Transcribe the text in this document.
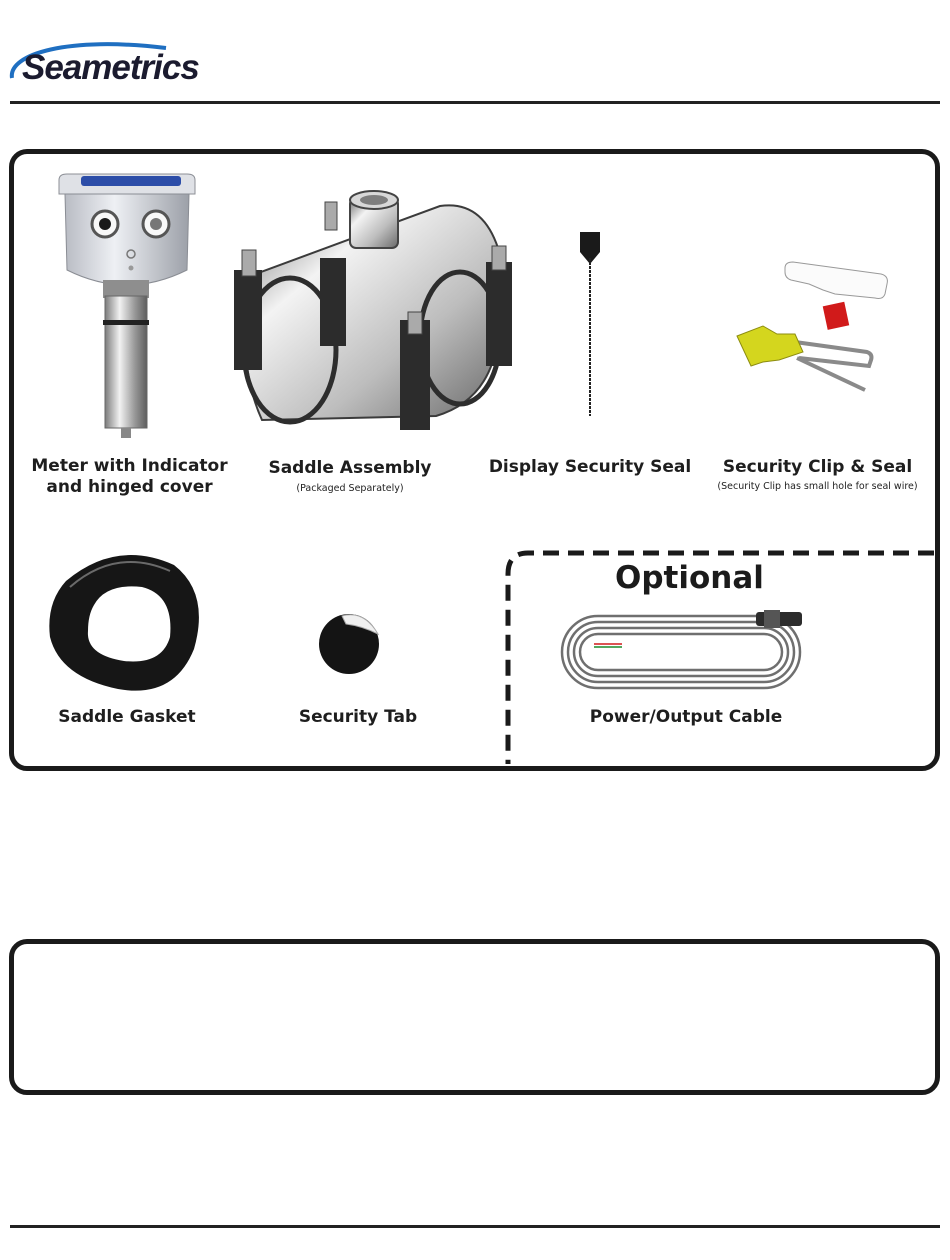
Seametrics
Meter with Indicator
and hinged cover
Saddle Assembly
(Packaged Separately)
Display Security Seal	Security Clip & Seal
(Security Clip has small hole for seal wire)
Saddle Gasket	Security Tab
Optional
Power/Output Cable
